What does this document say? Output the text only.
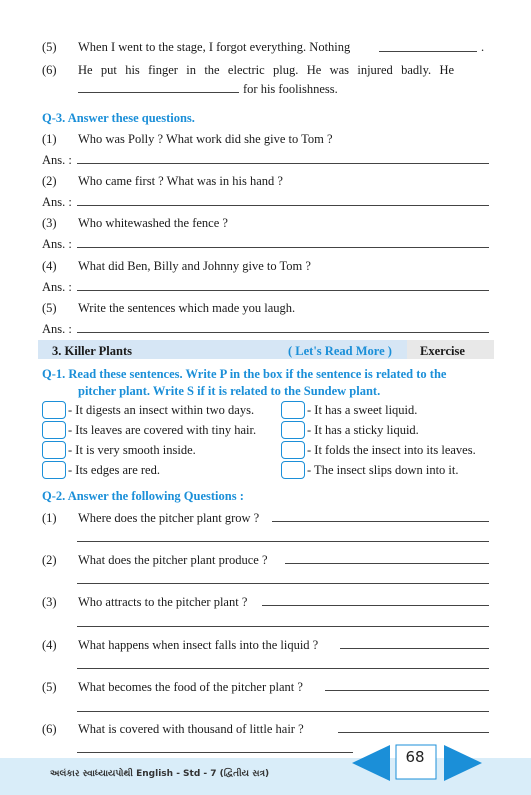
(5) When I went to the stage, I forgot everything. Nothing	.
(6) He put his finger in the electric plug. He was injured badly. He
for his foolishness.
Q-3. Answer these questions.
(1) Who was Polly ? What work did she give to Tom ?
Ans. :
(2) Who came first ? What was in his hand ?
Ans. :
(3) Who whitewashed the fence ?
Ans. :
(4) What did Ben, Billy and Johnny give to Tom ?
Ans. :
(5) Write the sentences which made you laugh.
Ans. :
3. Killer Plants	( Let's Read More ) Exercise
Q-1. Read these sentences. Write P in the box if the sentence is related to the
pitcher plant. Write S if it is related to the Sundew plant.
- It digests an insect within two days.	- It has a sweet liquid.
- Its leaves are covered with tiny hair.	- It has a sticky liquid.
- It is very smooth inside.	- It folds the insect into its leaves.
- Its edges are red.	- The insect slips down into it.
Q-2. Answer the following Questions :
(1) Where does the pitcher plant grow ?
(2) What does the pitcher plant produce ?
(3) Who attracts to the pitcher plant ?
(4) What happens when insect falls into the liquid ?
(5) What becomes the food of the pitcher plant ?
(6) What is covered with thousand of little hair ?
અલંકાર સ્વાધ્યાયપોથી English - Std - 7 (દ્વિતીય સત્ર)
68
